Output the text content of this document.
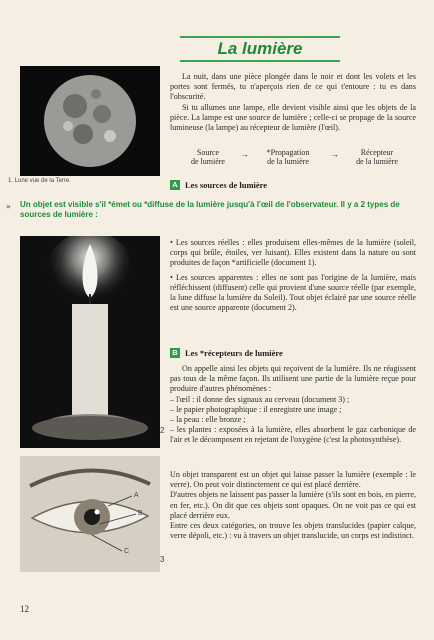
La lumière
1. Lune vue de la Terre.

La nuit, dans une pièce plongée dans le noir et dont les volets et les portes sont fermés, tu n'aperçois rien de ce qui t'entoure : tu es dans l'obscurité.

Si tu allumes une lampe, elle devient visible ainsi que les objets de la pièce. La lampe est une source de lumière ; celle-ci se propage de la source lumineuse (la lampe) au récepteur de lumière (l'œil).

Source
de lumière
→	*Propagation
de la lumière
→	Récepteur
de la lumière
A Les sources de lumière
» Un objet est visible s'il *émet ou *diffuse de la lumière jusqu'à l'œil de l'observateur. Il y a 2 types de sources de lumière :

• Les sources réelles : elles produisent elles-mêmes de la lumière (soleil, corps qui brûle, étoiles, ver luisant). Elles existent dans la nature ou sont produites de façon *artificielle (document 1).

• Les sources apparentes : elles ne sont pas l'origine de la lumière, mais réfléchissent (diffusent) celle qui provient d'une source réelle (par exemple, la lune diffuse la lumière du Soleil). Tout objet éclairé par une source réelle est une source apparente (document 2).

B Les *récepteurs de lumière

On appelle ainsi les objets qui reçoivent de la lumière. Ils ne réagissent pas tous de la même façon. Ils utilisent une partie de la lumière reçue pour produire d'autres phénomènes :

– l'œil : il donne des signaux au cerveau (document 3) ;
– le papier photographique : il enregistre une image ;
– la peau : elle bronze ;
– les plantes : exposées à la lumière, elles absorbent le gaz carbonique de l'air et le décomposent en rejetant de l'oxygène (c'est la photosynthèse).
2
A
B
C

Un objet transparent est un objet qui laisse passer la lumière (exemple : le verre). On peut voir distinctement ce qui est placé derrière.

D'autres objets ne laissent pas passer la lumière (s'ils sont en bois, en pierre, en fer, etc.). On dit que ces objets sont opaques. On ne voit pas ce qui est placé derrière eux.

Entre ces deux catégories, on trouve les objets translucides (papier calque, verre dépoli, etc.) : vu à travers un objet translucide, un corps est indistinct.

3
12
